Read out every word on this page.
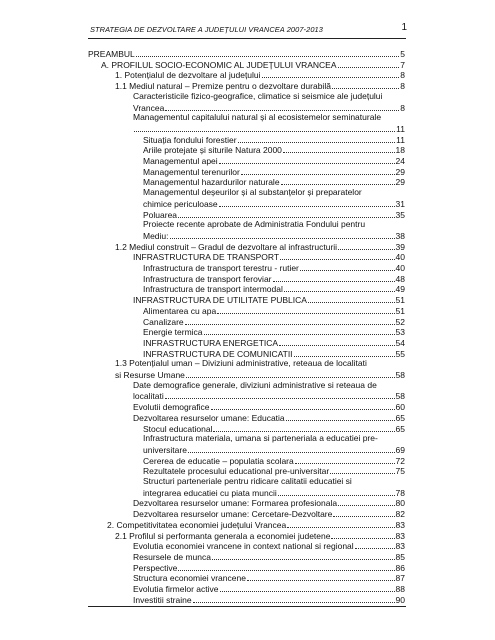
STRATEGIA DE DEZVOLTARE A JUDEȚULUI VRANCEA 2007-2013	1
PREAMBUL	5
A. PROFILUL SOCIO-ECONOMIC AL JUDEȚULUI VRANCEA	7
1. Potențialul de dezvoltare al județului	8
1.1 Mediul natural – Premize pentru o dezvoltare durabilă	8
Caracteristicile fizico-geografice, climatice si seismice ale județului
Vrancea	8
Managementul capitalului natural și al ecosistemelor seminaturale
11
Situația fondului forestier	11
Ariile protejate și siturile Natura 2000	18
Managementul apei	24
Managementul terenurilor	29
Managementul hazardurilor naturale	29
Managementul deșeurilor și al substanțelor și preparatelor
chimice periculoase	31
Poluarea	35
Proiecte recente aprobate de Administratia Fondului pentru
Mediu:	38
1.2 Mediul construit – Gradul de dezvoltare al infrastructurii	39
INFRASTRUCTURA DE TRANSPORT	40
Infrastructura de transport terestru - rutier	40
Infrastructura de transport feroviar	48
Infrastructura de transport intermodal	49
INFRASTRUCTURA DE UTILITATE PUBLICA	51
Alimentarea cu apa	51
Canalizare	52
Energie termica	53
INFRASTRUCTURA ENERGETICA	54
INFRASTRUCTURA DE COMUNICATII	55
1.3 Potențialul uman – Diviziuni administrative, reteaua de localitati
si Resurse Umane	58
Date demografice generale, diviziuni administrative si reteaua de
localitati	58
Evolutii demografice	60
Dezvoltarea resurselor umane: Educatia	65
Stocul educational	65
Infrastructura materiala, umana si parteneriala a educatiei pre-
universitare	69
Cererea de educatie – populatia scolara	72
Rezultatele procesului educational pre-universitar	75
Structuri parteneriale pentru ridicare calitatii educatiei si
integrarea educatiei cu piata muncii	78
Dezvoltarea resurselor umane: Formarea profesionala	80
Dezvoltarea resurselor umane: Cercetare-Dezvoltare	82
2. Competitivitatea economiei județului Vrancea	83
2.1 Profilul si performanta generala a economiei judetene	83
Evolutia economiei vrancene in context national si regional	83
Resursele de munca	85
Perspective	86
Structura economiei vrancene	87
Evolutia firmelor active	88
Investitii straine	90
